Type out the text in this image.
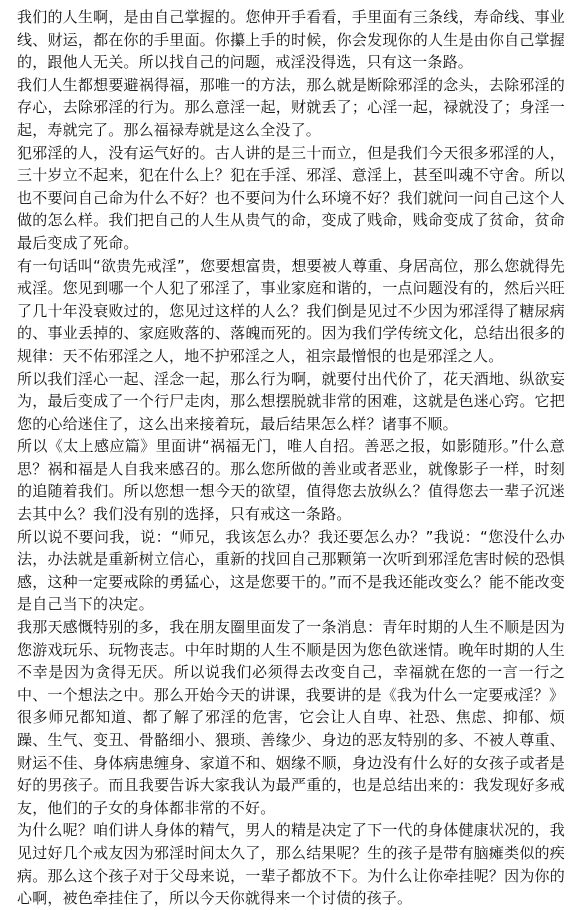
我们的人生啊，是由自己掌握的。您伸开手看看，手里面有三条线，寿命线、事业线、财运，都在你的手里面。你攥上手的时候，你会发现你的人生是由你自己掌握的，跟他人无关。所以找自己的问题，戒淫没得选，只有这一条路。

我们人生都想要避祸得福，那唯一的方法，那么就是断除邪淫的念头，去除邪淫的存心，去除邪淫的行为。那么意淫一起，财就丢了；心淫一起，禄就没了；身淫一起，寿就完了。那么福禄寿就是这么全没了。

犯邪淫的人，没有运气好的。古人讲的是三十而立，但是我们今天很多邪淫的人，三十岁立不起来，犯在什么上？犯在手淫、邪淫、意淫上，甚至叫魂不守舍。所以也不要问自己命为什么不好？也不要问为什么环境不好？我们就问一问自己这个人做的怎么样。我们把自己的人生从贵气的命，变成了贱命，贱命变成了贫命，贫命最后变成了死命。

有一句话叫“欲贵先戒淫”，您要想富贵，想要被人尊重、身居高位，那么您就得先戒淫。您见到哪一个人犯了邪淫了，事业家庭和谐的，一点问题没有的，然后兴旺了几十年没衰败过的，您见过这样的人么？我们倒是见过不少因为邪淫得了糖尿病的、事业丢掉的、家庭败落的、落魄而死的。因为我们学传统文化，总结出很多的规律：天不佑邪淫之人，地不护邪淫之人，祖宗最憎恨的也是邪淫之人。

所以我们淫心一起、淫念一起，那么行为啊，就要付出代价了，花天酒地、纵欲妄为，最后变成了一个行尸走肉，那么想摆脱就非常的困难，这就是色迷心窍。它把您的心给迷住了，这么出来接着玩，最后结果怎么样？诸事不顺。

所以《太上感应篇》里面讲“祸福无门，唯人自招。善恶之报，如影随形。”什么意思？祸和福是人自我来感召的。那么您所做的善业或者恶业，就像影子一样，时刻的追随着我们。所以您想一想今天的欲望，值得您去放纵么？值得您去一辈子沉迷去其中么？我们没有别的选择，只有戒这一条路。

所以说不要问我，说：“师兄，我该怎么办？我还要怎么办？”我说：“您没什么办法，办法就是重新树立信心，重新的找回自己那颗第一次听到邪淫危害时候的恐惧感，这种一定要戒除的勇猛心，这是您要干的。”而不是我还能改变么？能不能改变是自己当下的决定。

我那天感慨特别的多，我在朋友圈里面发了一条消息：青年时期的人生不顺是因为您游戏玩乐、玩物丧志。中年时期的人生不顺是因为您色欲迷情。晚年时期的人生不幸是因为贪得无厌。所以说我们必须得去改变自己，幸福就在您的一言一行之中、一个想法之中。那么开始今天的讲课，我要讲的是《我为什么一定要戒淫？》

很多师兄都知道、都了解了邪淫的危害，它会让人自卑、社恐、焦虑、抑郁、烦躁、生气、变丑、骨骼细小、猥琐、善缘少、身边的恶友特别的多、不被人尊重、财运不佳、身体病患缠身、家道不和、姻缘不顺，身边没有什么好的女孩子或者是好的男孩子。而且我要告诉大家我认为最严重的，也是总结出来的：我发现好多戒友，他们的子女的身体都非常的不好。

为什么呢？咱们讲人身体的精气，男人的精是决定了下一代的身体健康状况的，我见过好几个戒友因为邪淫时间太久了，那么结果呢？生的孩子是带有脑瘫类似的疾病。那么这个孩子对于父母来说，一辈子都放不下。为什么让你牵挂呢？因为你的心啊，被色牵挂住了，所以今天你就得来一个讨债的孩子。
